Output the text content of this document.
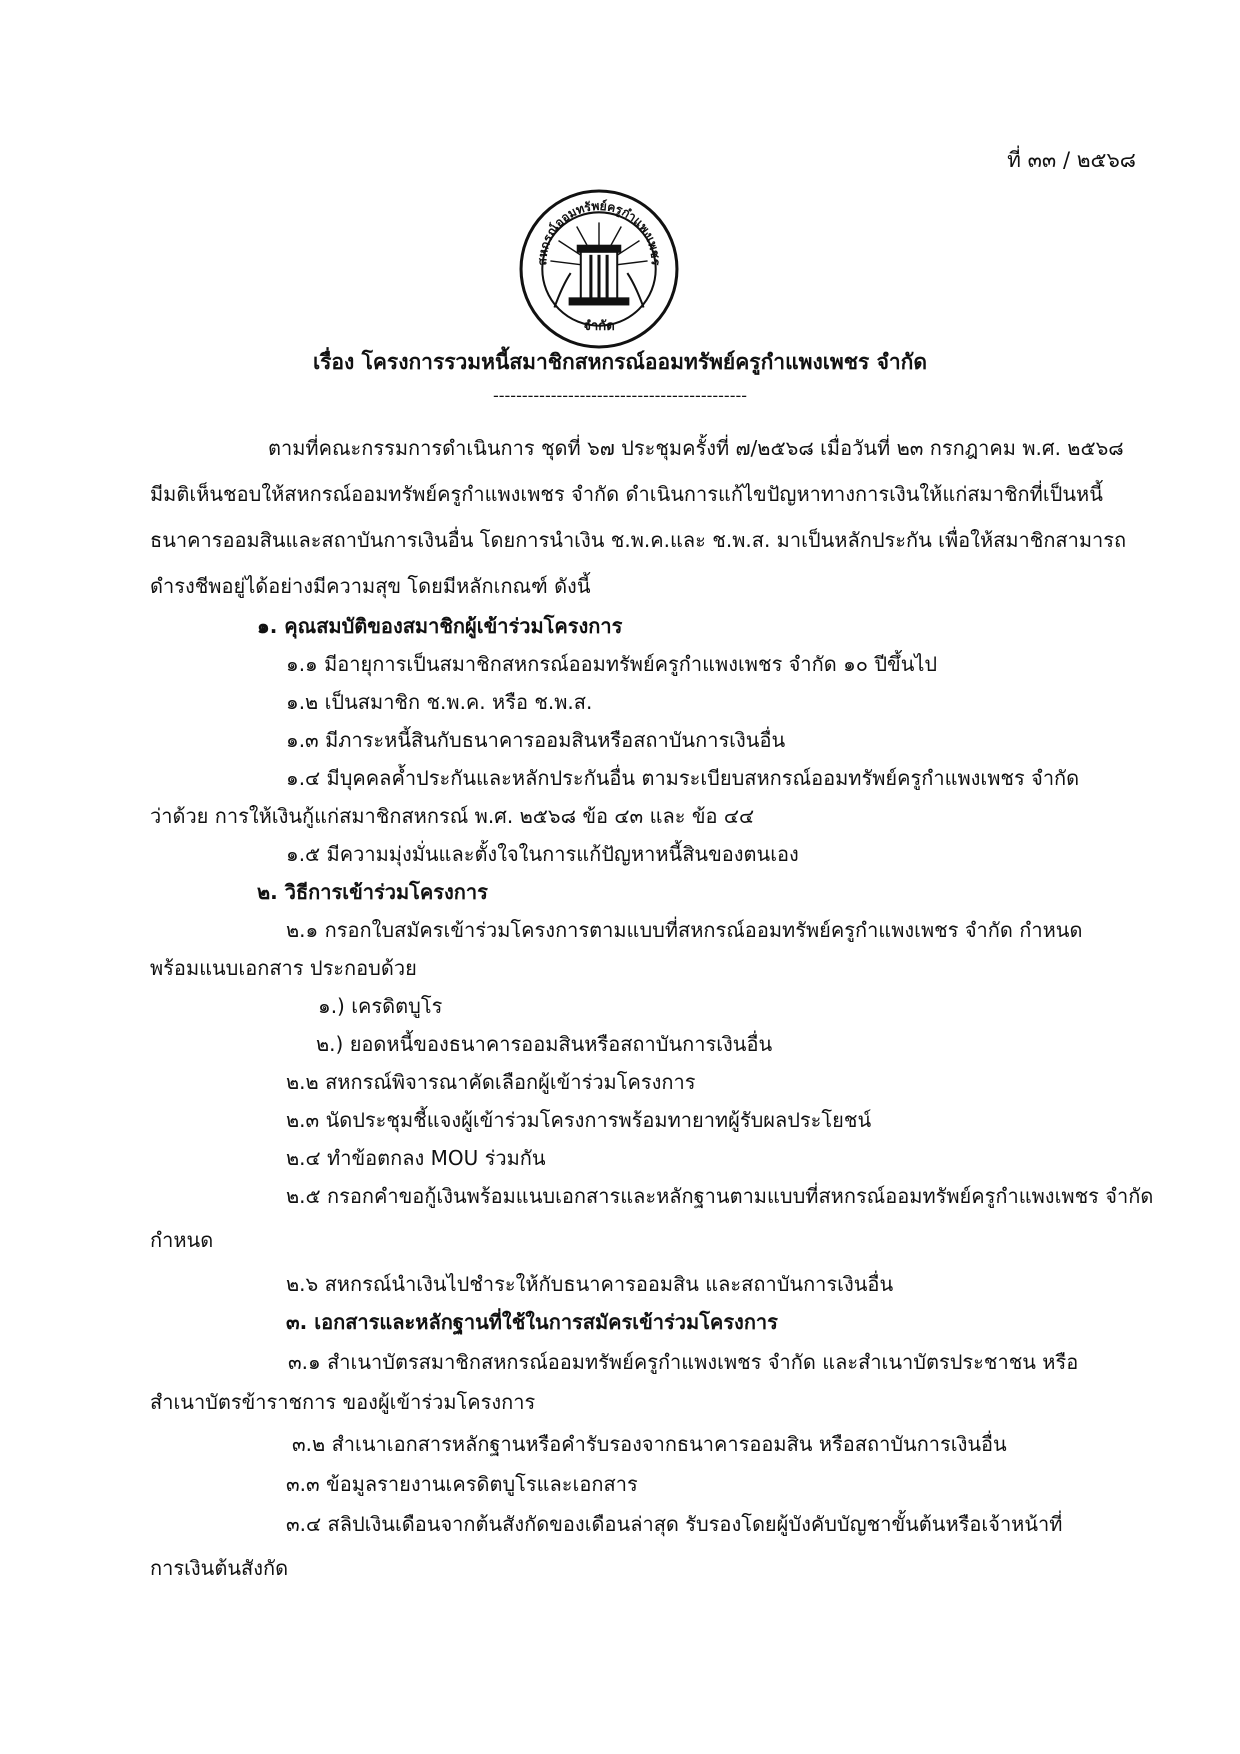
ที่ ๓๓ / ๒๕๖๘
สหกรณ์ออมทรัพย์ครูกำแพงเพชร
จำกัด
เรื่อง โครงการรวมหนี้สมาชิกสหกรณ์ออมทรัพย์ครูกำแพงเพชร จำกัด
--------------------------------------------
ตามที่คณะกรรมการดำเนินการ ชุดที่ ๖๗ ประชุมครั้งที่ ๗/๒๕๖๘ เมื่อวันที่ ๒๓ กรกฎาคม พ.ศ. ๒๕๖๘
มีมติเห็นชอบให้สหกรณ์ออมทรัพย์ครูกำแพงเพชร จำกัด ดำเนินการแก้ไขปัญหาทางการเงินให้แก่สมาชิกที่เป็นหนี้
ธนาคารออมสินและสถาบันการเงินอื่น โดยการนำเงิน ช.พ.ค.และ ช.พ.ส. มาเป็นหลักประกัน เพื่อให้สมาชิกสามารถ
ดำรงชีพอยู่ได้อย่างมีความสุข โดยมีหลักเกณฑ์ ดังนี้
๑. คุณสมบัติของสมาชิกผู้เข้าร่วมโครงการ
๑.๑ มีอายุการเป็นสมาชิกสหกรณ์ออมทรัพย์ครูกำแพงเพชร จำกัด ๑๐ ปีขึ้นไป
๑.๒ เป็นสมาชิก ช.พ.ค. หรือ ช.พ.ส.
๑.๓ มีภาระหนี้สินกับธนาคารออมสินหรือสถาบันการเงินอื่น
๑.๔ มีบุคคลค้ำประกันและหลักประกันอื่น ตามระเบียบสหกรณ์ออมทรัพย์ครูกำแพงเพชร จำกัด
ว่าด้วย การให้เงินกู้แก่สมาชิกสหกรณ์ พ.ศ. ๒๕๖๘ ข้อ ๔๓ และ ข้อ ๔๔
๑.๕ มีความมุ่งมั่นและตั้งใจในการแก้ปัญหาหนี้สินของตนเอง
๒. วิธีการเข้าร่วมโครงการ
๒.๑ กรอกใบสมัครเข้าร่วมโครงการตามแบบที่สหกรณ์ออมทรัพย์ครูกำแพงเพชร จำกัด กำหนด
พร้อมแนบเอกสาร ประกอบด้วย
๑.) เครดิตบูโร
๒.) ยอดหนี้ของธนาคารออมสินหรือสถาบันการเงินอื่น
๒.๒ สหกรณ์พิจารณาคัดเลือกผู้เข้าร่วมโครงการ
๒.๓ นัดประชุมชี้แจงผู้เข้าร่วมโครงการพร้อมทายาทผู้รับผลประโยชน์
๒.๔ ทำข้อตกลง MOU ร่วมกัน
๒.๕ กรอกคำขอกู้เงินพร้อมแนบเอกสารและหลักฐานตามแบบที่สหกรณ์ออมทรัพย์ครูกำแพงเพชร จำกัด
กำหนด
๒.๖ สหกรณ์นำเงินไปชำระให้กับธนาคารออมสิน และสถาบันการเงินอื่น
๓. เอกสารและหลักฐานที่ใช้ในการสมัครเข้าร่วมโครงการ
๓.๑ สำเนาบัตรสมาชิกสหกรณ์ออมทรัพย์ครูกำแพงเพชร จำกัด และสำเนาบัตรประชาชน หรือ
สำเนาบัตรข้าราชการ ของผู้เข้าร่วมโครงการ
๓.๒ สำเนาเอกสารหลักฐานหรือคำรับรองจากธนาคารออมสิน หรือสถาบันการเงินอื่น
๓.๓ ข้อมูลรายงานเครดิตบูโรและเอกสาร
๓.๔ สลิปเงินเดือนจากต้นสังกัดของเดือนล่าสุด รับรองโดยผู้บังคับบัญชาขั้นต้นหรือเจ้าหน้าที่
การเงินต้นสังกัด
